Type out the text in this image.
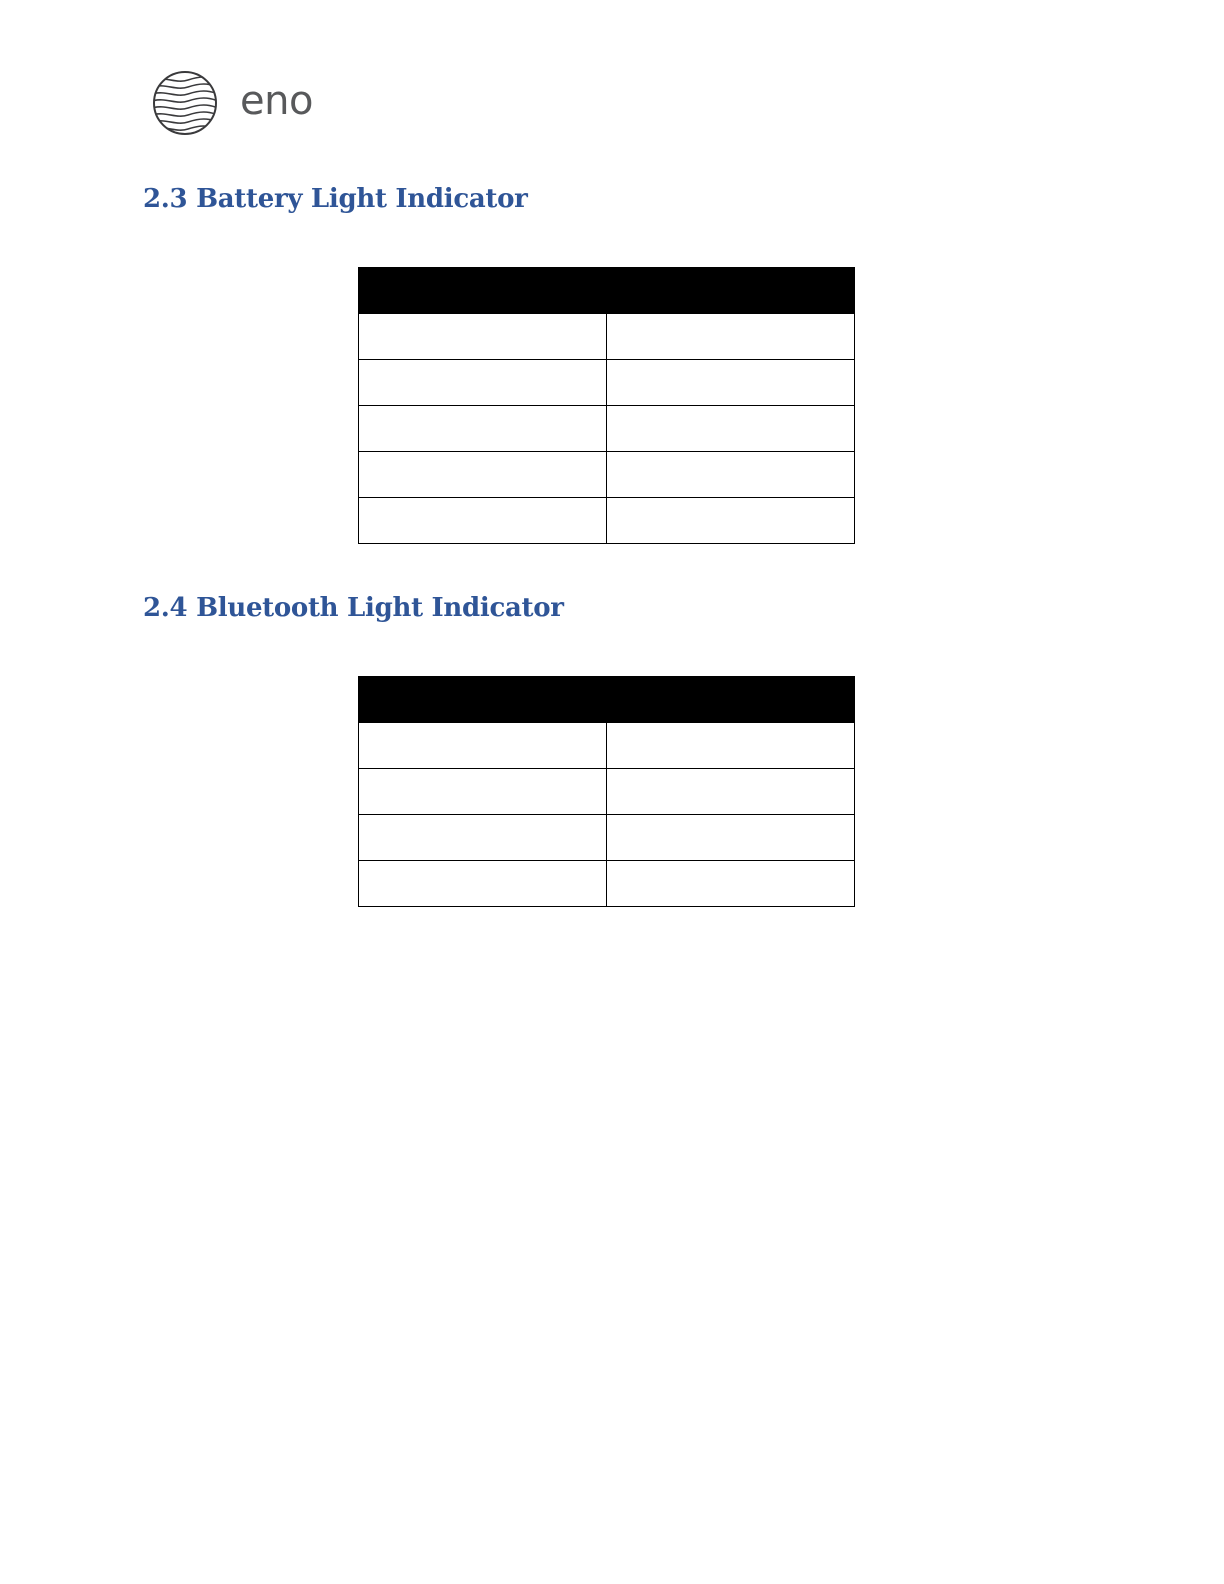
eno
2.3 Battery Light Indicator

2.4 Bluetooth Light Indicator
